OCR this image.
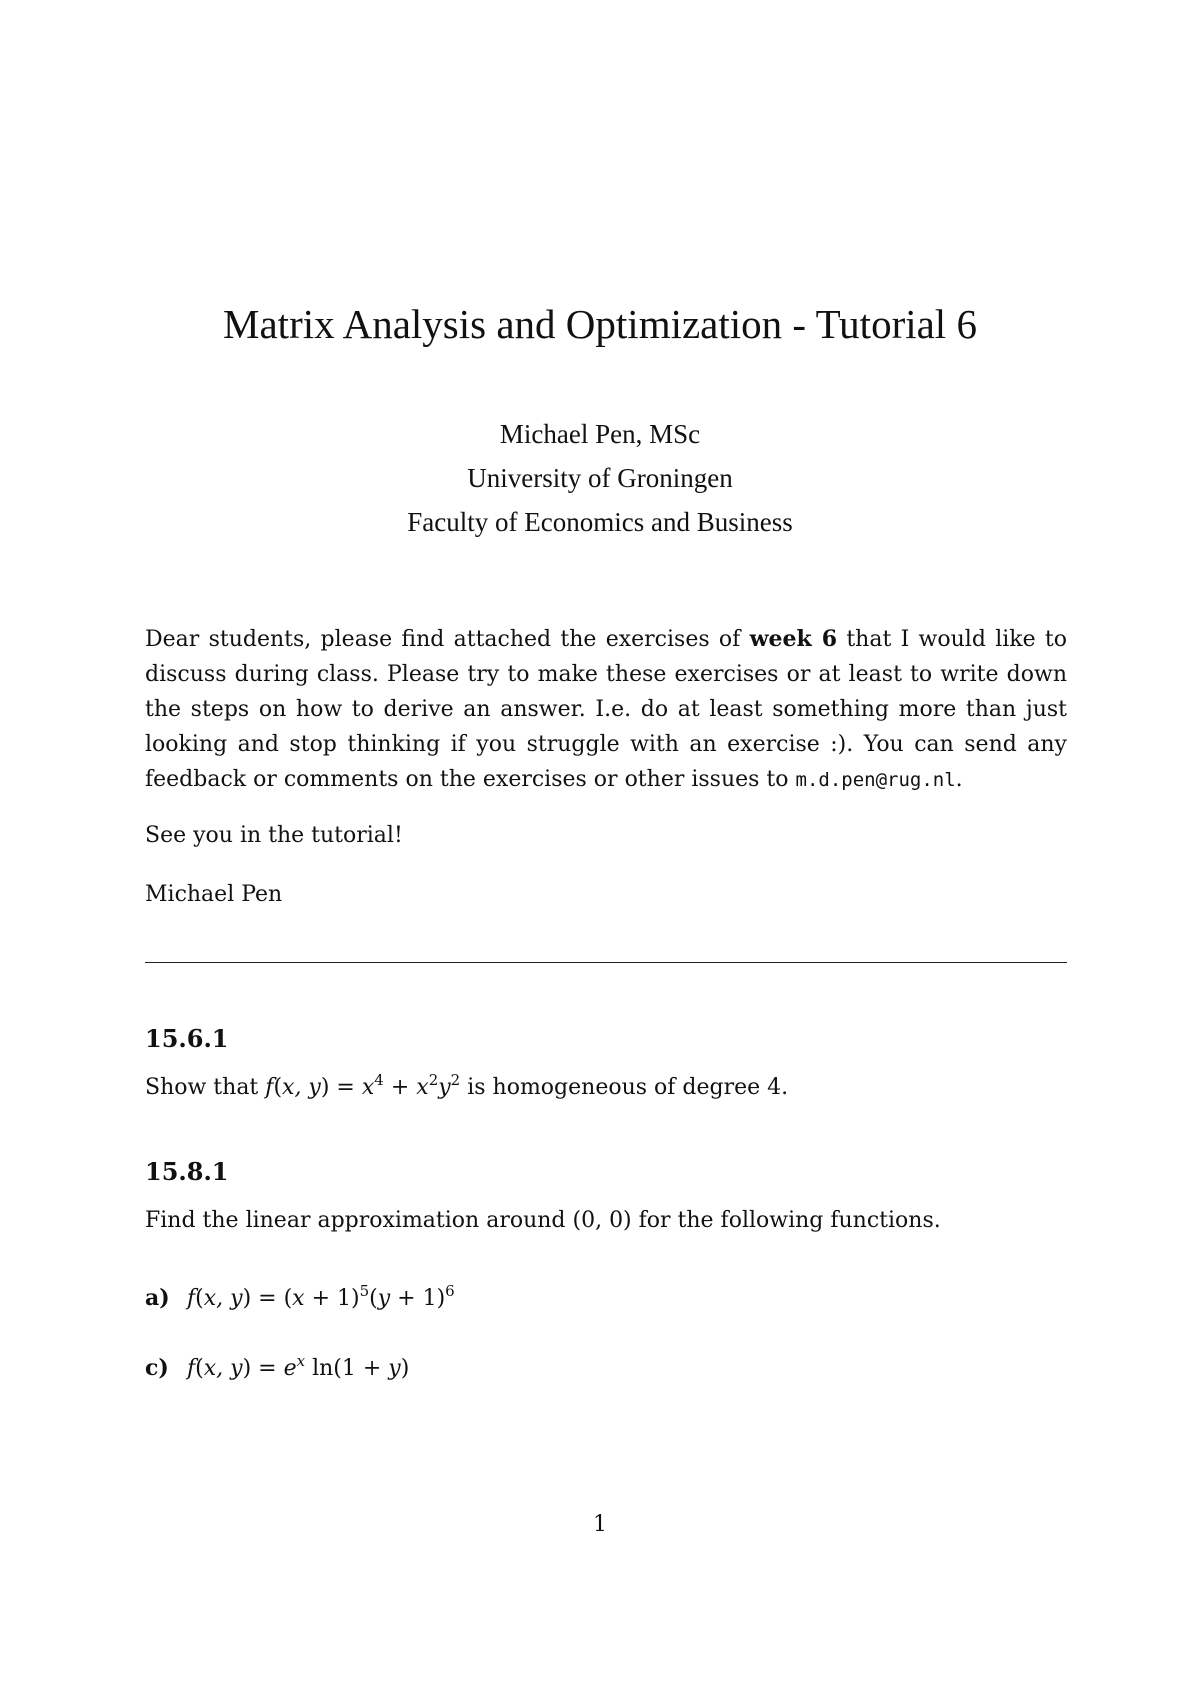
Matrix Analysis and Optimization - Tutorial 6
Michael Pen, MSc
University of Groningen
Faculty of Economics and Business

Dear students, please find attached the exercises of week 6 that I would like to discuss during class. Please try to make these exercises or at least to write down the steps on how to derive an answer. I.e. do at least something more than just looking and stop thinking if you struggle with an exercise :). You can send any feedback or comments on the exercises or other issues to m.d.pen@rug.nl.

See you in the tutorial!

Michael Pen

15.6.1

Show that f(x, $y) = x^4 + x^2y^2$ is homogeneous of degree 4.

15.8.1

Find the linear approximation around (0, 0) for the following functions.

a) f(x, $y) = (x + 1)^5(y + 1)^6$

c) f(x, $y) = e^x$ ln(1 + y)

1
